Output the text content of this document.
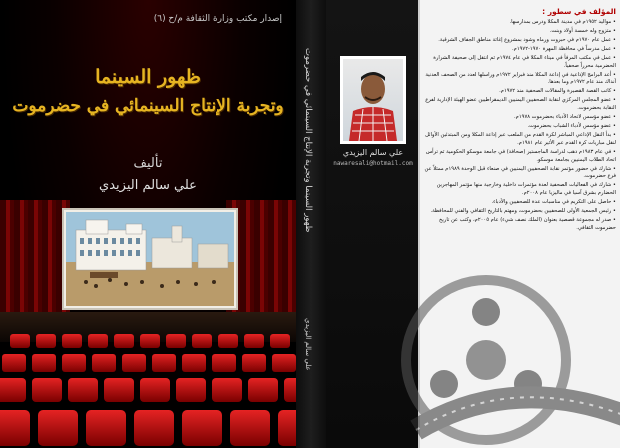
إصدار مكتب وزارة الثقافة م/ح (٦)
ظهور السينما
وتجربة الإنتاج السينمائي في حضرموت
تأليف
علي سالم اليزيدي	ظهور السينما وتجربة الإنتاج السينمائي في حضرموت
علي سالم اليزيدي
علي سالم اليزيدي
nawaresali@hotmail.com
المؤلف في سطور :

• مواليد ١٩٥٢م في مدينة المكلا ودرس بمدارسها.

• متزوج وله خمسة أولاد وبنت.

• عمل عام ١٩٧٠م في حبروت ورماه وشود بمشروع إغاثة مناطق الجفاف الشرقية.

• عمل مدرساً في محافظة المهرة ١٩٧٠-١٩٧٢م.

• عمل في مكتب المرفأ في ميناء المكلا في عام ١٩٧٤م ثم انتقل إلى صحيفة الشرارة الحضرمية محرراً صحفياً.

• أعد البرامج الإذاعية في إذاعة المكلا منذ فبراير ١٩٧٢م وراسلها لعدد من الصحف العدنية آنذاك منذ عام ١٩٧٢م وما بعدها.

• كاتب القصة القصيرة والمقالات الصحفية منذ ١٩٧٢م.

• عضو المجلس المركزي لنقابة الصحفيين اليمنيين الديمقراطيين عضو الهيئة الإدارية لفرع النقابة بحضرموت.

• عضو مؤسس لاتحاد الأدباء بحضرموت ١٩٧٨م.

• عضو مؤسس لأدباء الشباب بحضرموت.

• بدأ النقل الإذاعي المباشر لكرة القدم من الملعب عبر إذاعة المكلا ومن المبتدئين الأوائل لنقل مباريات كرة القدم عبر الأثير عام ١٩٨١م.

• في عام ١٩٨٣م ذهب لدراسة الماجستير (صحافة) في جامعة موسكو الحكومية ثم ترأس اتحاد الطلاب اليمنيين بجامعة موسكو.

• شارك في حضور مؤتمر نقابة الصحفيين اليمنيين في صنعاء قبل الوحدة ١٩٨٩م ممثلاً عن فرع حضرموت.

• شارك في الفعاليات الصحفية لعدة مؤتمرات داخلية وخارجية منها مؤتمر المهاجرين الحضارم بشرق آسيا في ماليزيا عام ٢٠٠٨م.

• حاصل على التكريم في مناسبات عدة للصحفيين والأدباء.

• رئيس الجمعية الأولى للصحفيين بحضرموت، ومهتم بالتاريخ الثقافي والفني للمحافظة.

• صدر له مجموعة قصصية بعنوان (الملك نصف شيء) عام ٢٠٠٥م، وكتب عن تاريخ حضرموت الثقافي.
